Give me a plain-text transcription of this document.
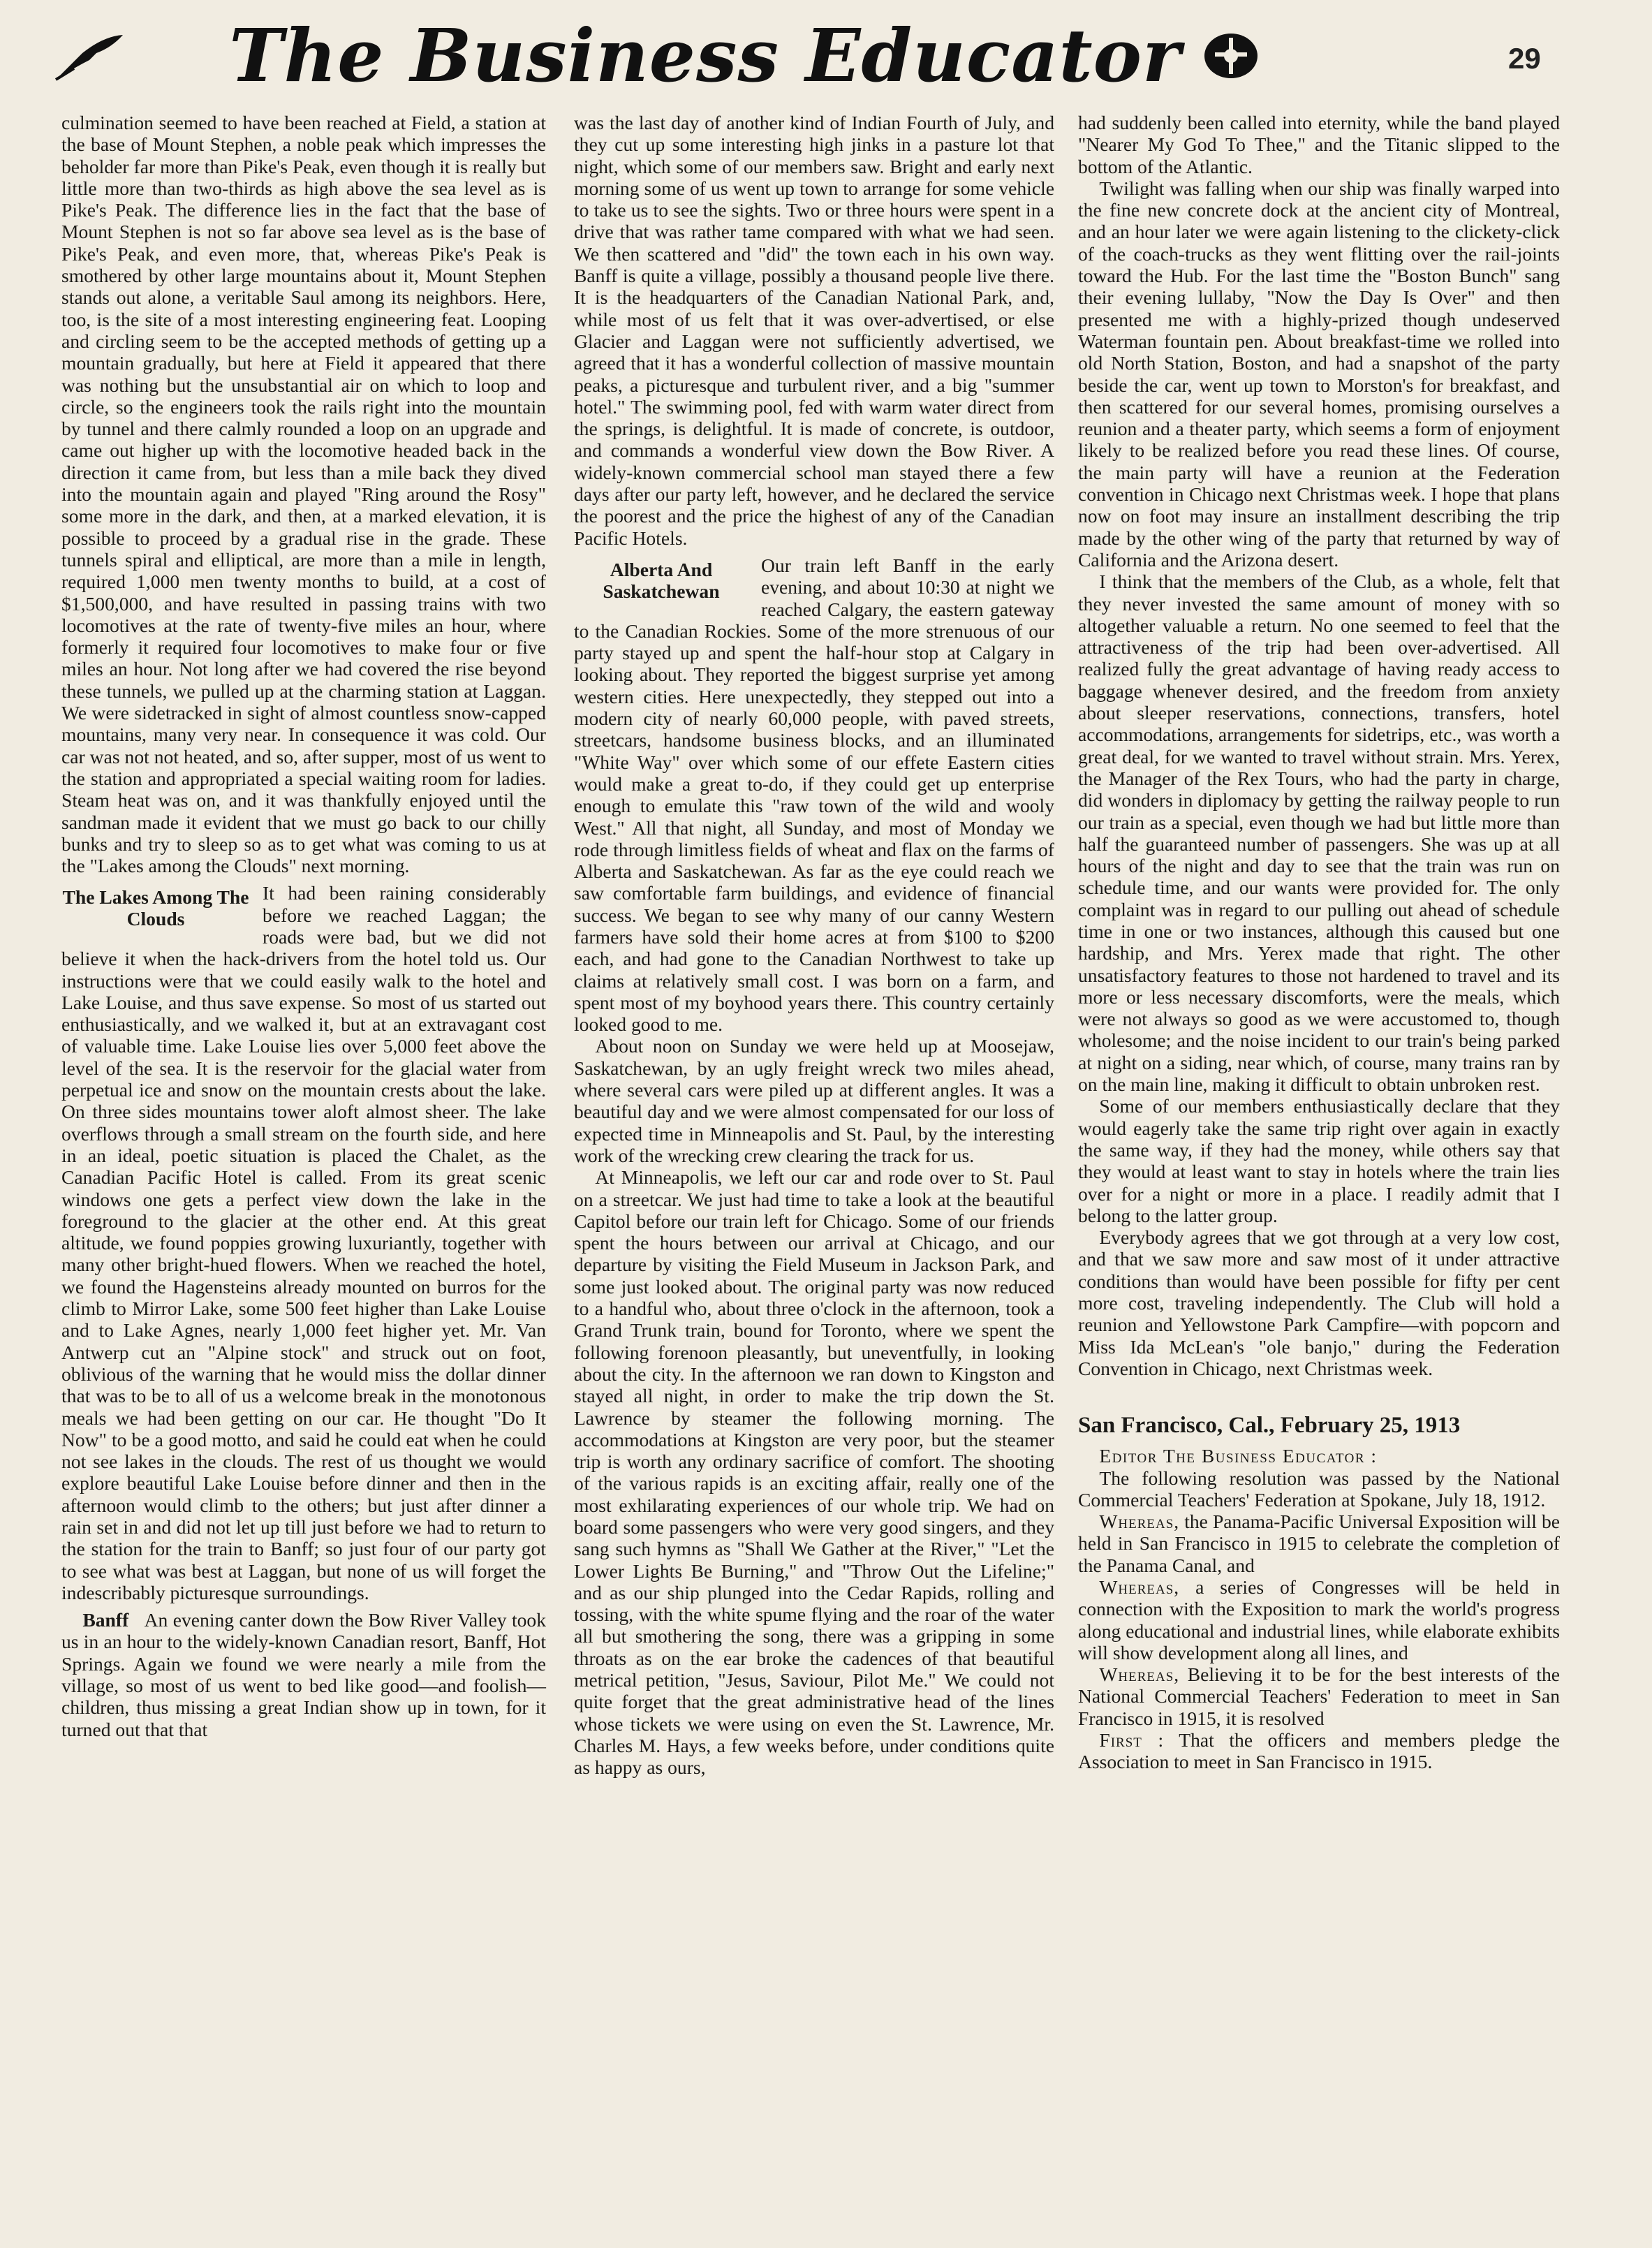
The Business Educator	29

culmination seemed to have been reached at Field, a station at the base of Mount Stephen, a noble peak which impresses the beholder far more than Pike's Peak, even though it is really but little more than two-thirds as high above the sea level as is Pike's Peak. The difference lies in the fact that the base of Mount Stephen is not so far above sea level as is the base of Pike's Peak, and even more, that, whereas Pike's Peak is smothered by other large mountains about it, Mount Stephen stands out alone, a veritable Saul among its neighbors. Here, too, is the site of a most interesting engineering feat. Looping and circling seem to be the accepted methods of getting up a mountain gradually, but here at Field it appeared that there was nothing but the unsubstantial air on which to loop and circle, so the engineers took the rails right into the mountain by tunnel and there calmly rounded a loop on an upgrade and came out higher up with the locomotive headed back in the direction it came from, but less than a mile back they dived into the mountain again and played "Ring around the Rosy" some more in the dark, and then, at a marked elevation, it is possible to proceed by a gradual rise in the grade. These tunnels spiral and elliptical, are more than a mile in length, required 1,000 men twenty months to build, at a cost of $1,500,000, and have resulted in passing trains with two locomotives at the rate of twenty-five miles an hour, where formerly it required four locomotives to make four or five miles an hour. Not long after we had covered the rise beyond these tunnels, we pulled up at the charming station at Laggan. We were sidetracked in sight of almost countless snow-capped mountains, many very near. In consequence it was cold. Our car was not not heated, and so, after supper, most of us went to the station and appropriated a special waiting room for ladies. Steam heat was on, and it was thankfully enjoyed until the sandman made it evident that we must go back to our chilly bunks and try to sleep so as to get what was coming to us at the "Lakes among the Clouds" next morning.

The Lakes Among The Clouds
It had been raining considerably before we reached Laggan; the roads were bad, but we did not believe it when the hack-drivers from the hotel told us. Our instructions were that we could easily walk to the hotel and Lake Louise, and thus save expense. So most of us started out enthusiastically, and we walked it, but at an extravagant cost of valuable time. Lake Louise lies over 5,000 feet above the level of the sea. It is the reservoir for the glacial water from perpetual ice and snow on the mountain crests about the lake. On three sides mountains tower aloft almost sheer. The lake overflows through a small stream on the fourth side, and here in an ideal, poetic situation is placed the Chalet, as the Canadian Pacific Hotel is called. From its great scenic windows one gets a perfect view down the lake in the foreground to the glacier at the other end. At this great altitude, we found poppies growing luxuriantly, together with many other bright-hued flowers. When we reached the hotel, we found the Hagensteins already mounted on burros for the climb to Mirror Lake, some 500 feet higher than Lake Louise and to Lake Agnes, nearly 1,000 feet higher yet. Mr. Van Antwerp cut an "Alpine stock" and struck out on foot, oblivious of the warning that he would miss the dollar dinner that was to be to all of us a welcome break in the monotonous meals we had been getting on our car. He thought "Do It Now" to be a good motto, and said he could eat when he could not see lakes in the clouds. The rest of us thought we would explore beautiful Lake Louise before dinner and then in the afternoon would climb to the others; but just after dinner a rain set in and did not let up till just before we had to return to the station for the train to Banff; so just four of our party got to see what was best at Laggan, but none of us will forget the indescribably picturesque surroundings.

Banff An evening canter down the Bow River Valley took us in an hour to the widely-known Canadian resort, Banff, Hot Springs. Again we found we were nearly a mile from the village, so most of us went to bed like good—and foolish—children, thus missing a great Indian show up in town, for it turned out that that

was the last day of another kind of Indian Fourth of July, and they cut up some interesting high jinks in a pasture lot that night, which some of our members saw. Bright and early next morning some of us went up town to arrange for some vehicle to take us to see the sights. Two or three hours were spent in a drive that was rather tame compared with what we had seen. We then scattered and "did" the town each in his own way. Banff is quite a village, possibly a thousand people live there. It is the headquarters of the Canadian National Park, and, while most of us felt that it was over-advertised, or else Glacier and Laggan were not sufficiently advertised, we agreed that it has a wonderful collection of massive mountain peaks, a picturesque and turbulent river, and a big "summer hotel." The swimming pool, fed with warm water direct from the springs, is delightful. It is made of concrete, is outdoor, and commands a wonderful view down the Bow River. A widely-known commercial school man stayed there a few days after our party left, however, and he declared the service the poorest and the price the highest of any of the Canadian Pacific Hotels.

Alberta And Saskatchewan
Our train left Banff in the early evening, and about 10:30 at night we reached Calgary, the eastern gateway to the Canadian Rockies. Some of the more strenuous of our party stayed up and spent the half-hour stop at Calgary in looking about. They reported the biggest surprise yet among western cities. Here unexpectedly, they stepped out into a modern city of nearly 60,000 people, with paved streets, streetcars, handsome business blocks, and an illuminated "White Way" over which some of our effete Eastern cities would make a great to-do, if they could get up enterprise enough to emulate this "raw town of the wild and wooly West." All that night, all Sunday, and most of Monday we rode through limitless fields of wheat and flax on the farms of Alberta and Saskatchewan. As far as the eye could reach we saw comfortable farm buildings, and evidence of financial success. We began to see why many of our canny Western farmers have sold their home acres at from $100 to $200 each, and had gone to the Canadian Northwest to take up claims at relatively small cost. I was born on a farm, and spent most of my boyhood years there. This country certainly looked good to me.

About noon on Sunday we were held up at Moosejaw, Saskatchewan, by an ugly freight wreck two miles ahead, where several cars were piled up at different angles. It was a beautiful day and we were almost compensated for our loss of expected time in Minneapolis and St. Paul, by the interesting work of the wrecking crew clearing the track for us.

At Minneapolis, we left our car and rode over to St. Paul on a streetcar. We just had time to take a look at the beautiful Capitol before our train left for Chicago. Some of our friends spent the hours between our arrival at Chicago, and our departure by visiting the Field Museum in Jackson Park, and some just looked about. The original party was now reduced to a handful who, about three o'clock in the afternoon, took a Grand Trunk train, bound for Toronto, where we spent the following forenoon pleasantly, but uneventfully, in looking about the city. In the afternoon we ran down to Kingston and stayed all night, in order to make the trip down the St. Lawrence by steamer the following morning. The accommodations at Kingston are very poor, but the steamer trip is worth any ordinary sacrifice of comfort. The shooting of the various rapids is an exciting affair, really one of the most exhilarating experiences of our whole trip. We had on board some passengers who were very good singers, and they sang such hymns as "Shall We Gather at the River," "Let the Lower Lights Be Burning," and "Throw Out the Lifeline;" and as our ship plunged into the Cedar Rapids, rolling and tossing, with the white spume flying and the roar of the water all but smothering the song, there was a gripping in some throats as on the ear broke the cadences of that beautiful metrical petition, "Jesus, Saviour, Pilot Me." We could not quite forget that the great administrative head of the lines whose tickets we were using on even the St. Lawrence, Mr. Charles M. Hays, a few weeks before, under conditions quite as happy as ours,

had suddenly been called into eternity, while the band played "Nearer My God To Thee," and the Titanic slipped to the bottom of the Atlantic.

Twilight was falling when our ship was finally warped into the fine new concrete dock at the ancient city of Montreal, and an hour later we were again listening to the clickety-click of the coach-trucks as they went flitting over the rail-joints toward the Hub. For the last time the "Boston Bunch" sang their evening lullaby, "Now the Day Is Over" and then presented me with a highly-prized though undeserved Waterman fountain pen. About breakfast-time we rolled into old North Station, Boston, and had a snapshot of the party beside the car, went up town to Morston's for breakfast, and then scattered for our several homes, promising ourselves a reunion and a theater party, which seems a form of enjoyment likely to be realized before you read these lines. Of course, the main party will have a reunion at the Federation convention in Chicago next Christmas week. I hope that plans now on foot may insure an installment describing the trip made by the other wing of the party that returned by way of California and the Arizona desert.

I think that the members of the Club, as a whole, felt that they never invested the same amount of money with so altogether valuable a return. No one seemed to feel that the attractiveness of the trip had been over-advertised. All realized fully the great advantage of having ready access to baggage whenever desired, and the freedom from anxiety about sleeper reservations, connections, transfers, hotel accommodations, arrangements for sidetrips, etc., was worth a great deal, for we wanted to travel without strain. Mrs. Yerex, the Manager of the Rex Tours, who had the party in charge, did wonders in diplomacy by getting the railway people to run our train as a special, even though we had but little more than half the guaranteed number of passengers. She was up at all hours of the night and day to see that the train was run on schedule time, and our wants were provided for. The only complaint was in regard to our pulling out ahead of schedule time in one or two instances, although this caused but one hardship, and Mrs. Yerex made that right. The other unsatisfactory features to those not hardened to travel and its more or less necessary discomforts, were the meals, which were not always so good as we were accustomed to, though wholesome; and the noise incident to our train's being parked at night on a siding, near which, of course, many trains ran by on the main line, making it difficult to obtain unbroken rest.

Some of our members enthusiastically declare that they would eagerly take the same trip right over again in exactly the same way, if they had the money, while others say that they would at least want to stay in hotels where the train lies over for a night or more in a place. I readily admit that I belong to the latter group.

Everybody agrees that we got through at a very low cost, and that we saw more and saw most of it under attractive conditions than would have been possible for fifty per cent more cost, traveling independently. The Club will hold a reunion and Yellowstone Park Campfire—with popcorn and Miss Ida McLean's "ole banjo," during the Federation Convention in Chicago, next Christmas week.

San Francisco, Cal., February 25, 1913

Editor The Business Educator :

The following resolution was passed by the National Commercial Teachers' Federation at Spokane, July 18, 1912.

Whereas, the Panama-Pacific Universal Exposition will be held in San Francisco in 1915 to celebrate the completion of the Panama Canal, and

Whereas, a series of Congresses will be held in connection with the Exposition to mark the world's progress along educational and industrial lines, while elaborate exhibits will show development along all lines, and

Whereas, Believing it to be for the best interests of the National Commercial Teachers' Federation to meet in San Francisco in 1915, it is resolved

First : That the officers and members pledge the Association to meet in San Francisco in 1915.
